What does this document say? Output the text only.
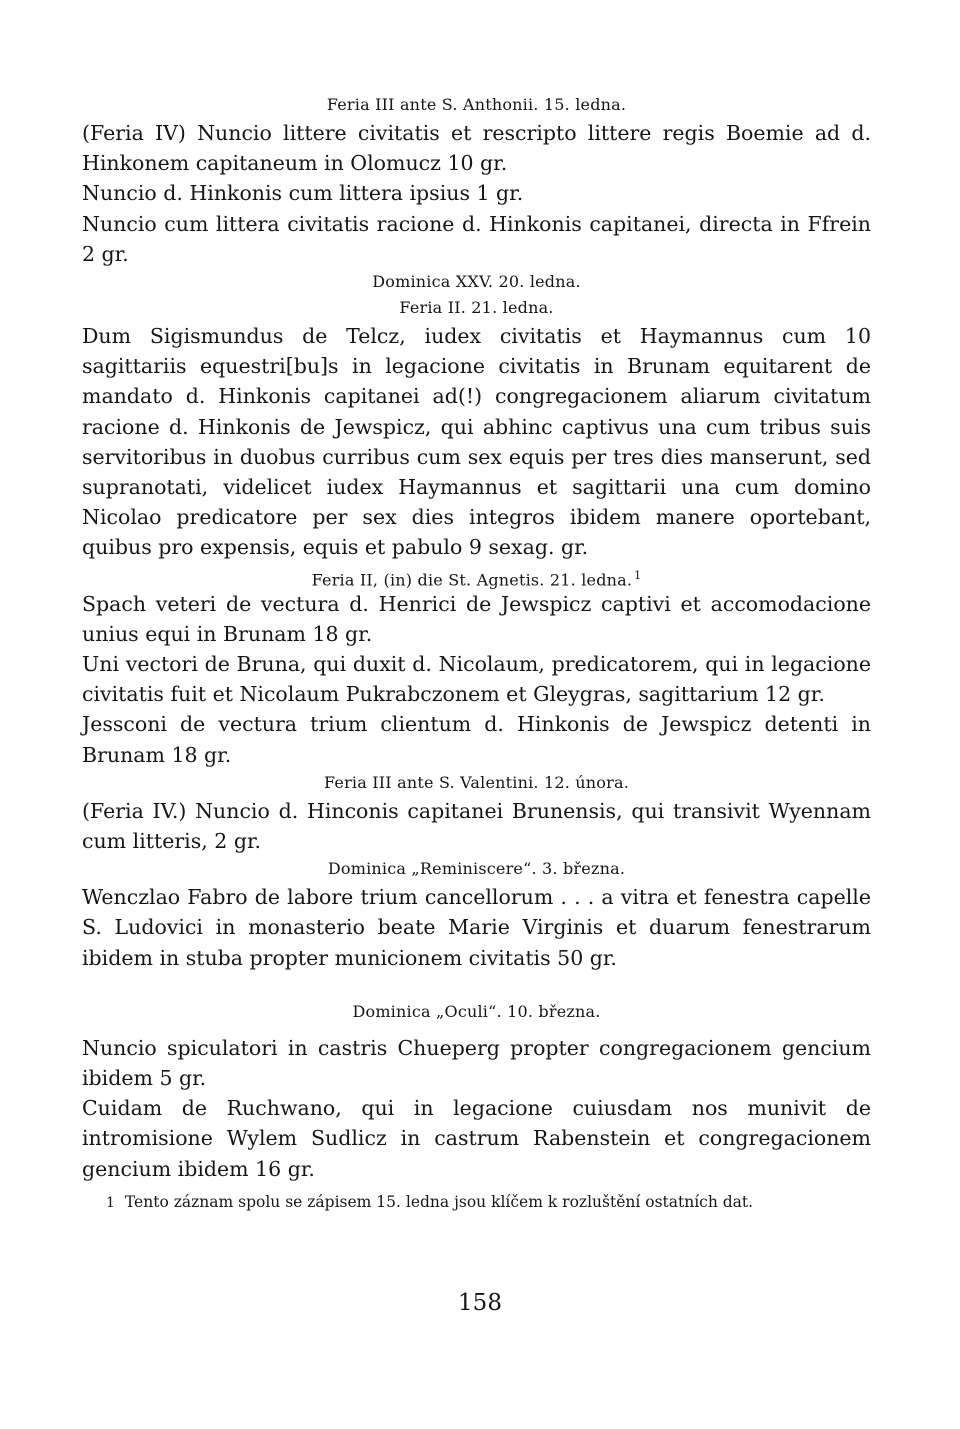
Feria III ante S. Anthonii. 15. ledna.

(Feria IV) Nuncio littere civitatis et rescripto littere regis Boemie ad d. Hinkonem capitaneum in Olomucz 10 gr.

Nuncio d. Hinkonis cum littera ipsius 1 gr.

Nuncio cum littera civitatis racione d. Hinkonis capitanei, directa in Ffrein 2 gr.

Dominica XXV. 20. ledna.
Feria II. 21. ledna.

Dum Sigismundus de Telcz, iudex civitatis et Haymannus cum 10 sagittariis equestri[bu]s in legacione civitatis in Brunam equitarent de mandato d. Hinkonis capitanei ad(!) congregacionem aliarum civitatum racione d. Hinkonis de Jewspicz, qui abhinc captivus una cum tribus suis servitoribus in duobus curribus cum sex equis per tres dies manserunt, sed supranotati, videlicet iudex Haymannus et sagittarii una cum domino Nicolao predicatore per sex dies integros ibidem manere oportebant, quibus pro expensis, equis et pabulo 9 sexag. gr.

Feria II, (in) die St. Agnetis. 21. ledna. $^1$

Spach veteri de vectura d. Henrici de Jewspicz captivi et accomodacione unius equi in Brunam 18 gr.

Uni vectori de Bruna, qui duxit d. Nicolaum, predicatorem, qui in legacione civitatis fuit et Nicolaum Pukrabczonem et Gleygras, sagittarium 12 gr.

Jessconi de vectura trium clientum d. Hinkonis de Jewspicz detenti in Brunam 18 gr.

Feria III ante S. Valentini. 12. února.

(Feria IV.) Nuncio d. Hinconis capitanei Brunensis, qui transivit Wyennam cum litteris, 2 gr.

Dominica „Reminiscere“. 3. března.

Wenczlao Fabro de labore trium cancellorum . . . a vitra et fenestra capelle S. Ludovici in monasterio beate Marie Virginis et duarum fenestrarum ibidem in stuba propter municionem civitatis 50 gr.

Dominica „Oculi“. 10. března.

Nuncio spiculatori in castris Chueperg propter congregacionem gencium ibidem 5 gr.

Cuidam de Ruchwano, qui in legacione cuiusdam nos munivit de intromisione Wylem Sudlicz in castrum Rabenstein et congregacionem gencium ibidem 16 gr.

1 Tento záznam spolu se zápisem 15. ledna jsou klíčem k rozluštění ostatních dat.
158
